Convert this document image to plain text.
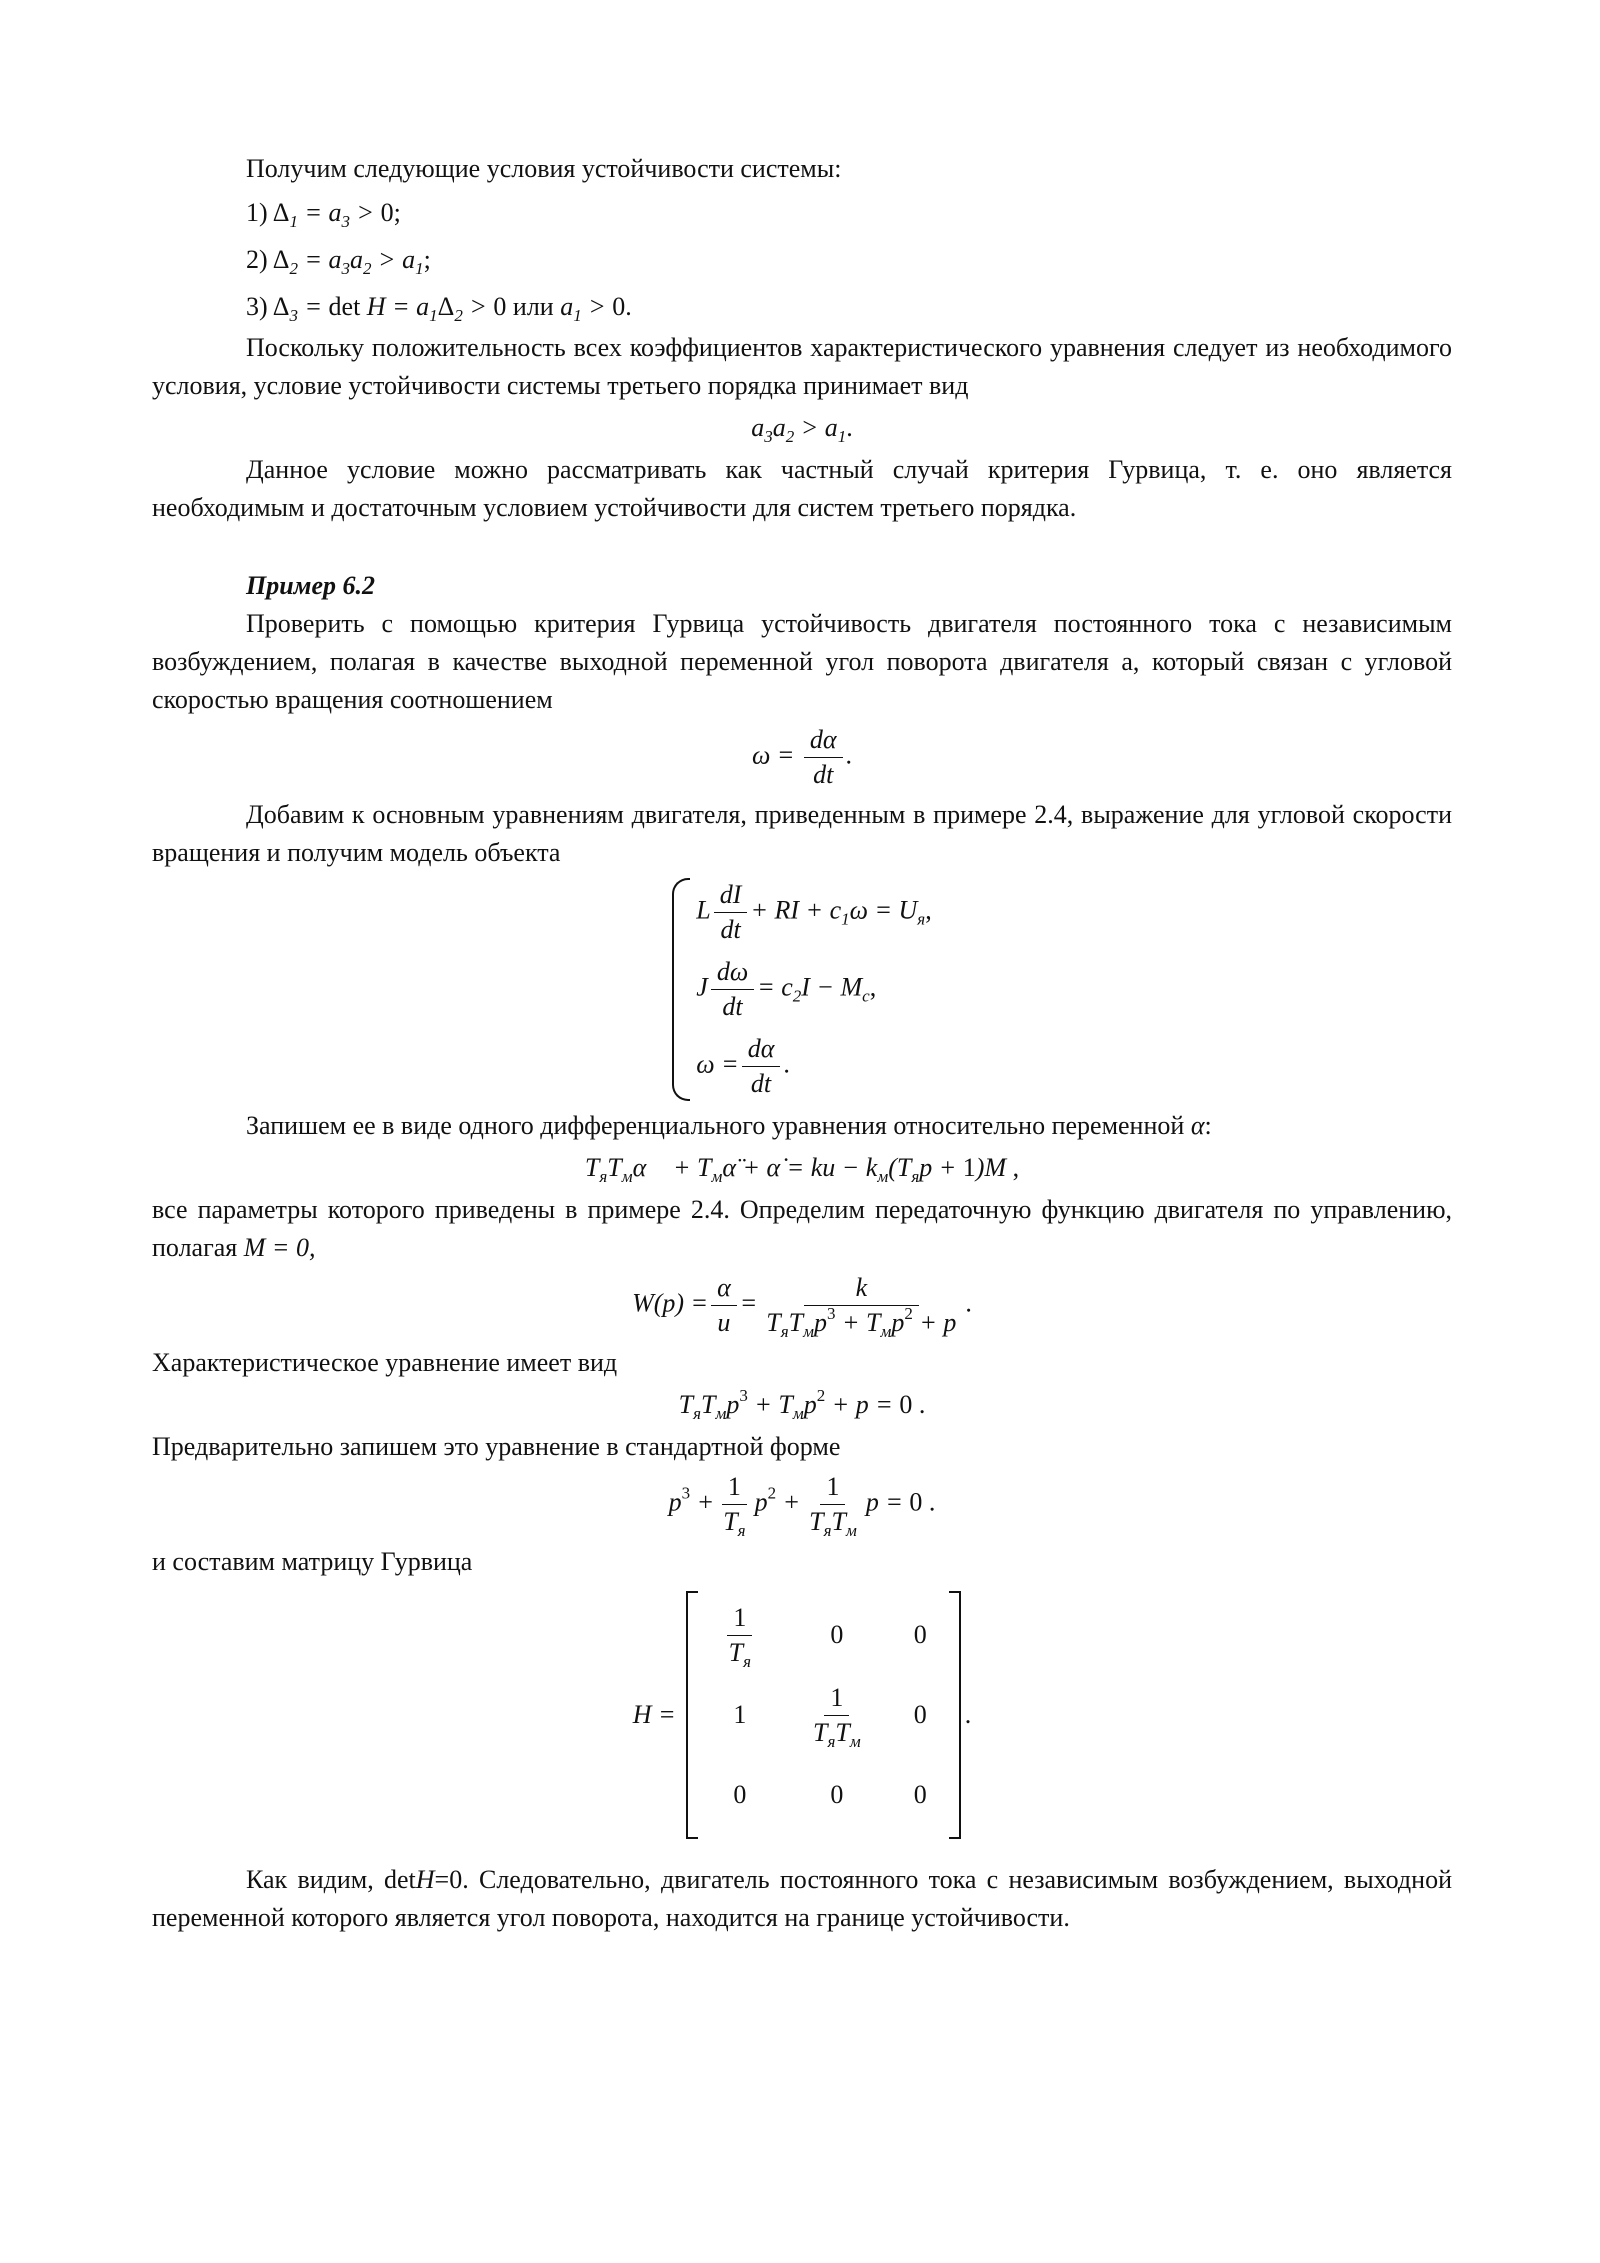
Получим следующие условия устойчивости системы:

1) $\Delta_1 = a_3 > 0$;
2) $\Delta_2 = a_3a_2 > a_1$;
3) $\Delta_3 = \det H = a_1\Delta_2 > 0$ или $a_1 > 0$.

Поскольку положительность всех коэффициентов характеристического уравнения следует из необходимого условия, условие устойчивости системы третьего порядка принимает вид

$a_3a_2 > a_1$.

Данное условие можно рассматривать как частный случай критерия Гурвица, т. е. оно является необходимым и достаточным условием устойчивости для систем третьего порядка.

Пример 6.2

Проверить с помощью критерия Гурвица устойчивость двигателя постоянного тока с независимым возбуждением, полагая в качестве выходной переменной угол поворота двигателя a, который связан с угловой скоростью вращения соотношением

$\omega = \frac{d\alpha}{dt}$ .

Добавим к основным уравнениям двигателя, приведенным в примере 2.4, выражение для угловой скорости вращения и получим модель объекта

L $\frac{dI}{dt}$ + RI + $c_1\omega = U_я$,
J $\frac{d\omega}{dt} = c_2I - M_c$,
$\omega = \frac{d\alpha}{dt}$ .

Запишем ее в виде одного дифференциального уравнения относительно переменной α:

$T_яT_м\alpha⃛$ + $T_м\alphä$ + α̇ = ku − $k_м(T_яp + 1)M$ ,

все параметры которого приведены в примере 2.4. Определим передаточную функцию двигателя по управлению, полагая M = 0,

$W(p) = \frac{\alpha}{u} = \frac{k}{T_яT_мp^3 + T_мp^2 + p}$ .

Характеристическое уравнение имеет вид

$T_яT_мp^3 + T_мp^2 + p = 0$ .

Предварительно запишем это уравнение в стандартной форме

$p^3 + \frac{1}{T_я} p^2 + \frac{1}{T_яT_м}$ p = 0 .

и составим матрицу Гурвица

H =
$\frac{1}{T_я}$	0	0
1	$\frac{1}{T_яT_м}$	0
0	0	0
.

Как видим, detH=0. Следовательно, двигатель постоянного тока с независимым возбуждением, выходной переменной которого является угол поворота, находится на границе устойчивости.
